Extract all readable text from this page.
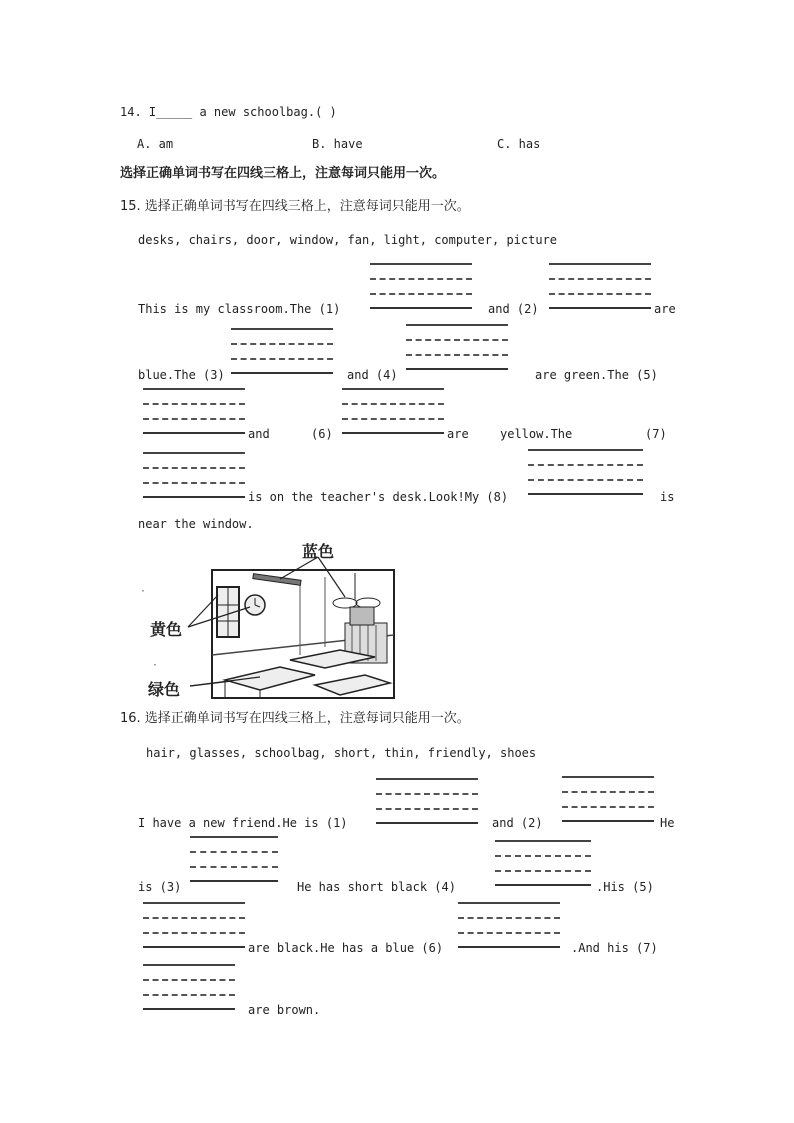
14. I_____ a new schoolbag.( )
A. am	B. have	C. has
选择正确单词书写在四线三格上，注意每词只能用一次。
15. 选择正确单词书写在四线三格上，注意每词只能用一次。
desks, chairs, door, window, fan, light, computer, picture
This is my classroom.The (1)	and (2)	are
blue.The (3)	and (4)	are green.The (5)
and	(6)	are	yellow.The	(7)
is on the teacher's desk.Look!My (8)	is
near the window.
·
·
蓝色
黄色
绿色
16. 选择正确单词书写在四线三格上，注意每词只能用一次。
hair, glasses, schoolbag, short, thin, friendly, shoes
I have a new friend.He is (1)	and (2)	He
is (3)	He has short black (4)	.His (5)
are black.He has a blue (6)	.And his (7)
are brown.
